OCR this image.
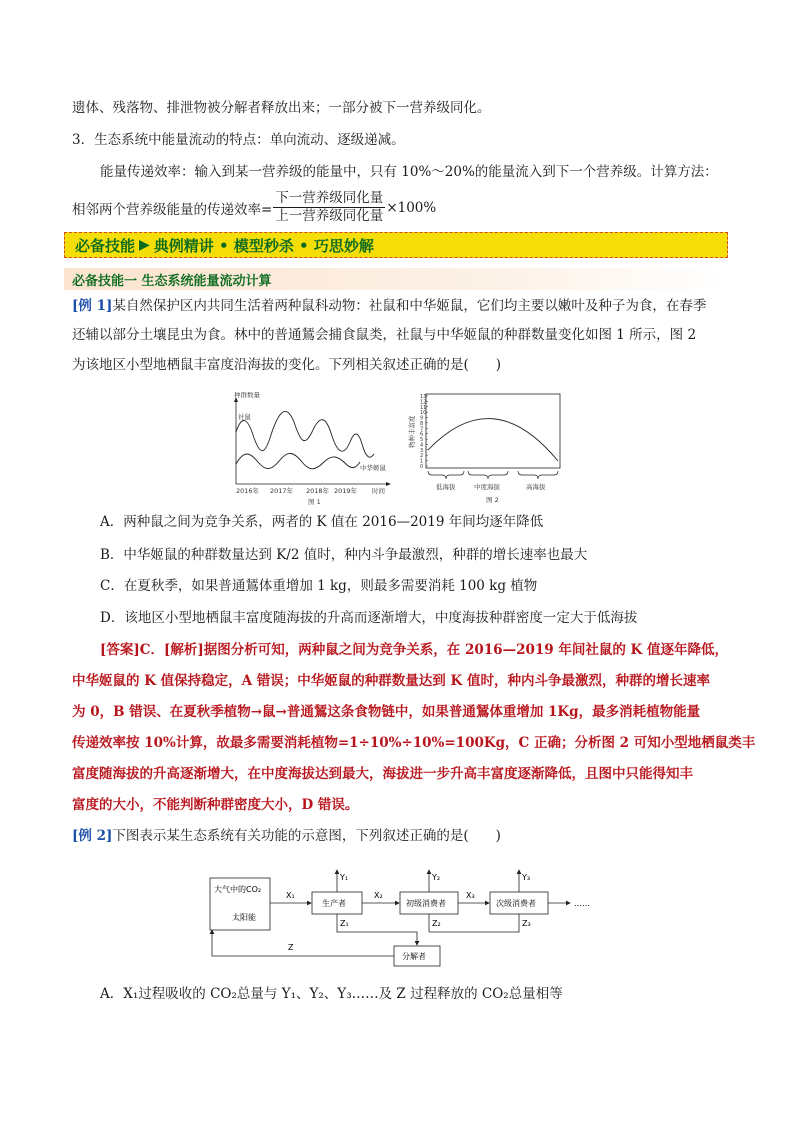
遗体、残落物、排泄物被分解者释放出来；一部分被下一营养级同化。
3．生态系统中能量流动的特点：单向流动、逐级递减。
能量传递效率：输入到某一营养级的能量中，只有 10%～20%的能量流入到下一个营养级。计算方法：
相邻两个营养级能量的传递效率= $\frac{\text{下一营养级同化量}}{\text{上一营养级同化量}} \times 100\%$
必备技能 ▶ 典例精讲 • 模型秒杀 • 巧思妙解
必备技能一 生态系统能量流动计算
[例 1]某自然保护区内共同生活着两种鼠科动物：社鼠和中华姬鼠，它们均主要以嫩叶及种子为食，在春季
还辅以部分土壤昆虫为食。林中的普通鵟会捕食鼠类，社鼠与中华姬鼠的种群数量变化如图 1 所示，图 2
为该地区小型地栖鼠丰富度沿海拔的变化。下列相关叙述正确的是(　　)
种群数量
社鼠
中华姬鼠
2016年 2017年 2018年 2019年 时间
图 1
0
1
2
3
4
5
6
7
8
9
10
11
12
13
物种丰富度
低海拔	中度海拔	高海拔
图 2
A．两种鼠之间为竞争关系，两者的 K 值在 2016—2019 年间均逐年降低
B．中华姬鼠的种群数量达到 K/2 值时，种内斗争最激烈，种群的增长速率也最大
C．在夏秋季，如果普通鵟体重增加 1 kg，则最多需要消耗 100 kg 植物
D．该地区小型地栖鼠丰富度随海拔的升高而逐渐增大，中度海拔种群密度一定大于低海拔
[答案]C．[解析]据图分析可知，两种鼠之间为竞争关系，在 2016—2019 年间社鼠的 K 值逐年降低，
中华姬鼠的 K 值保持稳定，A 错误；中华姬鼠的种群数量达到 K 值时，种内斗争最激烈，种群的增长速率
为 0，B 错误、在夏秋季植物→鼠→普通鵟这条食物链中，如果普通鵟体重增加 1Kg，最多消耗植物能量
传递效率按 10%计算，故最多需要消耗植物=1÷10%÷10%=100Kg，C 正确；分析图 2 可知小型地栖鼠类丰
富度随海拔的升高逐渐增大，在中度海拔达到最大，海拔进一步升高丰富度逐渐降低，且图中只能得知丰
富度的大小，不能判断种群密度大小，D 错误。
[例 2]下图表示某生态系统有关功能的示意图，下列叙述正确的是(　　)
大气中的CO₂
太阳能
生产者	初级消费者	次级消费者
分解者
X₁	X₂	X₃
……
Y₁	Y₂	Y₃
Z₁	Z₂	Z₃
Z
A．X₁过程吸收的 CO₂总量与 Y₁、Y₂、Y₃……及 Z 过程释放的 CO₂总量相等
